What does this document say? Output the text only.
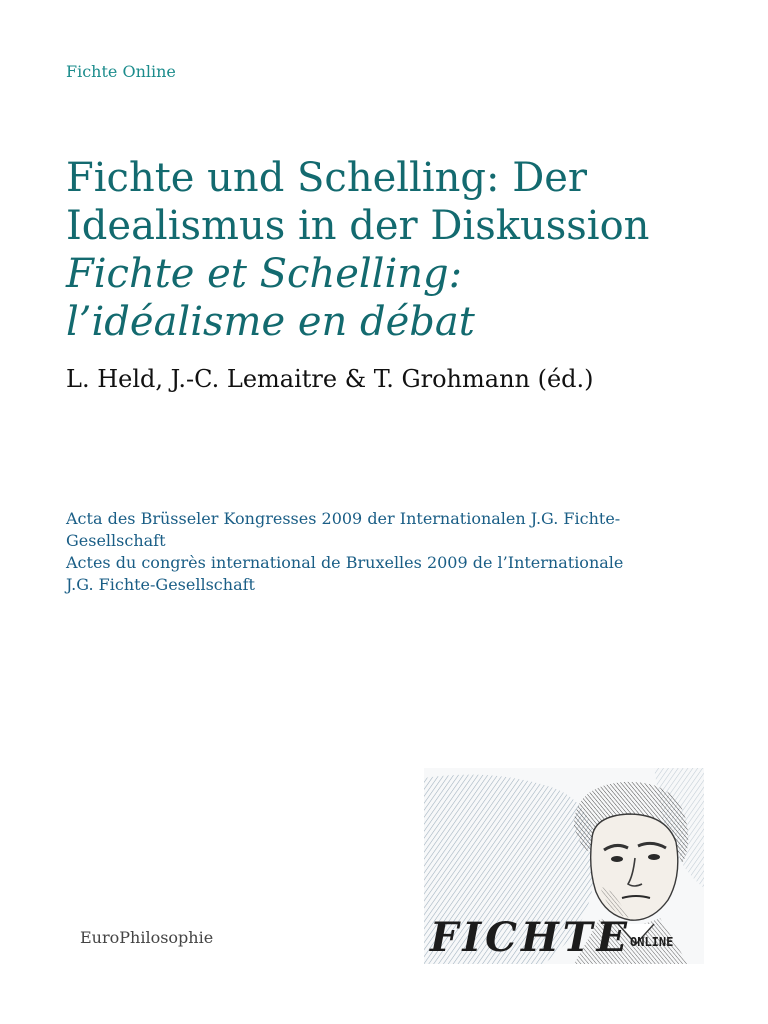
Fichte Online
Fichte und Schelling: Der
Idealismus in der Diskussion
Fichte et Schelling:
l’idéalisme en débat
L. Held, J.-C. Lemaitre & T. Grohmann (éd.)
Acta des Brüsseler Kongresses 2009 der Internationalen J.G. Fichte-
Gesellschaft
Actes du congrès international de Bruxelles 2009 de l’Internationale
J.G. Fichte-Gesellschaft
EuroPhilosophie	FICHTE ONLINE
